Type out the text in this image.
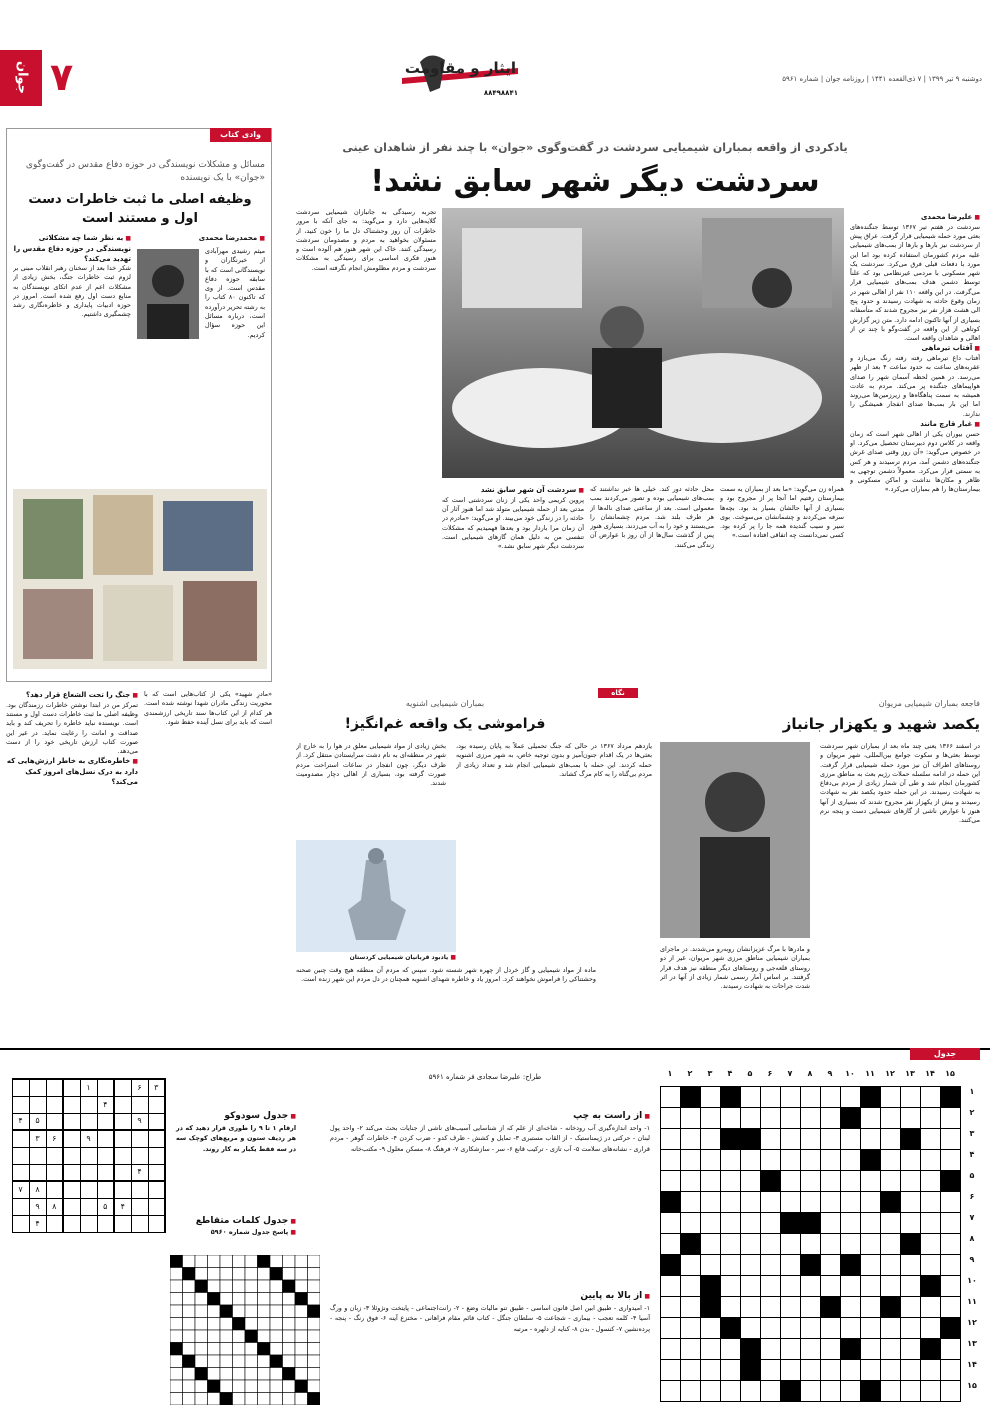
دوشنبه ۹ تیر ۱۳۹۹ | ۷ ذی‌القعده ۱۴۴۱ | روزنامه جوان | شماره ۵۹۶۱
ایثار و مقاومت
۸۸۴۹۸۸۴۱
۷
جوان
یادکردی از واقعه بمباران شیمیایی سردشت در گفت‌وگوی «جوان» با چند نفر از شاهدان عینی
سردشت دیگر شهر سابق نشد!
■ علیرضا محمدی
سردشت در هفتم تیر ۱۳۶۷ توسط جنگنده‌های بعثی مورد حمله شیمیایی قرار گرفت. عراق پیش از سردشت نیز بارها و بارها از بمب‌های شیمیایی علیه مردم کشورمان استفاده کرده بود اما این مورد با دفعات قبلی فرق می‌کرد. سردشت یک شهر مسکونی با مردمی غیرنظامی بود که علناً توسط دشمن هدف بمب‌های شیمیایی قرار می‌گرفت. در این واقعه ۱۱۰ نفر از اهالی شهر در زمان وقوع حادثه به شهادت رسیدند و حدود پنج الی هشت هزار نفر نیز مجروح شدند که متأسفانه بسیاری از آنها تاکنون ادامه دارد. متن زیر گزارش کوتاهی از این واقعه در گفت‌وگو با چند تن از اهالی و شاهدان واقعه است.
■ آفتاب تیرماهی
آفتاب داغ تیرماهی رفته رفته رنگ می‌بازد و عقربه‌های ساعت به حدود ساعت ۴ بعد از ظهر می‌رسد. در همین لحظه آسمان شهر را صدای هواپیماهای جنگنده پر می‌کند. مردم به عادت همیشه به سمت پناهگاه‌ها و زیرزمین‌ها می‌روند اما این بار بمب‌ها صدای انفجار همیشگی را ندارند.
■ غبار قارچ مانند
حسن بیوران یکی از اهالی شهر است که زمان واقعه در کلاس دوم دبیرستان تحصیل می‌کرد. او در خصوص می‌گوید: «آن روز وقتی صدای غرش جنگنده‌های دشمن آمد، مردم ترسیدند و هر کس به سمتی فرار می‌کرد. معمولاً دشمن توجهی به ظاهر و مکان‌ها نداشت و اماکن مسکونی و بیمارستان‌ها را هم بمباران می‌کرد.»
همراه زن می‌گوید: «ما بعد از بمباران به سمت بیمارستان رفتیم اما آنجا پر از مجروح بود و بسیاری از آنها حالشان بسیار بد بود. بچه‌ها سرفه می‌کردند و چشمانشان می‌سوخت. بوی سیر و سیب گندیده همه جا را پر کرده بود. کسی نمی‌دانست چه اتفاقی افتاده است.»
محل حادثه دور کند. خیلی ها خبر نداشتند که بمب‌های شیمیایی بوده و تصور می‌کردند بمب معمولی است. بعد از ساعتی صدای ناله‌ها از هر طرف بلند شد. مردم چشمانشان را می‌بستند و خود را به آب می‌زدند. بسیاری هنوز پس از گذشت سال‌ها از آن روز با عوارض آن زندگی می‌کنند.
■ سردشت آن شهر سابق نشد
پروین کریمی واحد یکی از زنان سردشتی است که مدتی بعد از حمله شیمیایی متولد شد اما هنوز آثار آن حادثه را در زندگی خود می‌بیند. او می‌گوید: «مادرم در آن زمان مرا باردار بود و بعدها فهمیدیم که مشکلات تنفسی من به دلیل همان گازهای شیمیایی است. سردشت دیگر شهر سابق نشد.»
تجربه رسیدگی به جانبازان شیمیایی سردشت گلایه‌هایی دارد و می‌گوید: به جای آنکه با مرور خاطرات آن روز وحشتناک دل ما را خون کنید، از مسئولان بخواهید به مردم و مصدومان سردشت رسیدگی کنند. خاک این شهر هنوز هم آلوده است و هنوز فکری اساسی برای رسیدگی به مشکلات سردشت و مردم مظلومش انجام نگرفته است.
وادی کتاب
مسائل و مشکلات نویسندگی در حوزه دفاع مقدس در گفت‌وگوی «جوان» با یک نویسنده
وظیفه اصلی ما ثبت خاطرات دست اول و مستند است
■ محمدرضا محمدی
میثم رشیدی مهرآبادی از خبرنگاران و نویسندگانی است که با سابقه حوزه دفاع مقدس است. از وی که تاکنون ۸۰ کتاب را به رشته تحریر درآورده است، درباره مسائل این حوزه سؤال کردیم.
■ به نظر شما چه مشکلاتی نویسندگی در حوزه دفاع مقدس را تهدید می‌کند؟
شکر خدا بعد از سخنان رهبر انقلاب مبنی بر لزوم ثبت خاطرات جنگ، بخش زیادی از مشکلات اعم از عدم اتکای نویسندگان به منابع دست اول رفع شده است. امروز در حوزه ادبیات پایداری و خاطره‌نگاری رشد چشمگیری داشتیم.
■ جنگ را تحت الشعاع قرار دهد؟
تمرکز من در ابتدا نوشتن خاطرات رزمندگان بود. وظیفه اصلی ما ثبت خاطرات دست اول و مستند است. نویسنده نباید خاطره را تحریف کند و باید صداقت و امانت را رعایت نماید. در غیر این صورت کتاب ارزش تاریخی خود را از دست می‌دهد.
■ خاطره‌نگاری به خاطر ارزش‌هایی که دارد به درک نسل‌های امروز کمک می‌کند؟
«مادرِ شهید» یکی از کتاب‌هایی است که با محوریت زندگی مادران شهدا نوشته شده است. هر کدام از این کتاب‌ها سند تاریخی ارزشمندی است که باید برای نسل آینده حفظ شود.
نگاه
فاجعه بمباران شیمیایی مریوان
یکصد شهید و یکهزار جانباز
در اسفند ۱۳۶۶ یعنی چند ماه بعد از بمباران شهر سردشت توسط بعثی‌ها و سکوت جوامع بین‌المللی، شهر مریوان و روستاهای اطراف آن نیز مورد حمله شیمیایی قرار گرفت. این حمله در ادامه سلسله حملات رژیم بعث به مناطق مرزی کشورمان انجام شد و طی آن شمار زیادی از مردم بی‌دفاع به شهادت رسیدند. در این حمله حدود یکصد نفر به شهادت رسیدند و بیش از یکهزار نفر مجروح شدند که بسیاری از آنها هنوز با عوارض ناشی از گازهای شیمیایی دست و پنجه نرم می‌کنند.
و مادرها با مرگ عزیزانشان روبه‌رو می‌شدند. در ماجرای بمباران شیمیایی مناطق مرزی شهر مریوان، غیر از دو روستای قلعه‌جی و روستاهای دیگر منطقه نیز هدف قرار گرفتند. بر اساس آمار رسمی شمار زیادی از آنها در اثر شدت جراحات به شهادت رسیدند.
بمباران شیمیایی اشنویه
فراموشی یک واقعه غم‌انگیز!
یازدهم مرداد ۱۳۶۷ در حالی که جنگ تحمیلی عملاً به پایان رسیده بود، بعثی‌ها در یک اقدام جنون‌آمیز و بدون توجیه خاص، به شهر مرزی اشنویه حمله کردند. این حمله با بمب‌های شیمیایی انجام شد و تعداد زیادی از مردم بی‌گناه را به کام مرگ کشاند.
بخش زیادی از مواد شیمیایی معلق در هوا را به خارج از شهر در منطقه‌ای به نام دشت سرایستادن منتقل کرد. از طرف دیگر، چون انفجار در ساعات استراحت مردم صورت گرفته بود، بسیاری از اهالی دچار مصدومیت شدند.
■ یادبود قربانیان شیمیایی کردستان
ماده از مواد شیمیایی و گاز خردل از چهره شهر شسته شود. سپس که مردم آن منطقه هیچ وقت چنین صحنه وحشتناکی را فراموش نخواهند کرد. امروز یاد و خاطره شهدای اشنویه همچنان در دل مردم این شهر زنده است.
جدول
طراح: علیرضا سجادی فر شماره ۵۹۶۱	۱۵
۱۴
۱۳
۱۲
۱۱
۱۰
۹
۸
۷
۶
۵
۴
۳
۲
۱
۱
۲
۳
۴
۵
۶
۷
۸
۹
۱۰
۱۱
۱۲
۱۳
۱۴
۱۵

■ از راست به چپ
۱- واحد اندازه‌گیری آب رودخانه - شاخه‌ای از علم که از شناسایی آسیب‌های ناشی از جنایات بحث می‌کند ۲- واحد پول لبنان - حرکتی در ژیمناستیک - از القاب مستبری ۳- تمایل و کشش - ظرف کدو - ضرب کردن ۴- خاطرات گوهر - مردم قراری - نشانه‌های سلامت ۵- آب تازی - ترکیب قانع ۶- سر - سازشکاری ۷- فرهنگ ۸- مسکن معلول ۹- مکتب‌خانه
■ از بالا به پایین
۱- امیدواری - طبیق ابین اصل قانون اساسی - طبیق تنو مالیات وضع - ۲- رانت‌اجتماعی - پایتخت ونژوئلا ۳- زبان و ورگ آسیا ۴- کلمه تعجب - بیماری - شجاعت ۵- سلطان جنگل - کتاب قائم مقام فراهانی - مختزع آینه ۶- فوق رنگ - پنجه - پرده‌نشین ۷- کنسول - بدن ۸- کنایه از دلهره - مرتبه
۳	۶			۱				
			۴					
	۹						۵	۴
				۹		۶	۳	

	۴							
							۸	۷
		۴	۵			۸	۹	
							۴	
■ جدول سودوکو
ارقام ۱ تا ۹ را طوری قرار دهید که در هر ردیف ستون و مربع‌های کوچک سه در سه فقط یکبار به کار روند.
■ جدول کلمات متقاطع
■ پاسخ جدول شماره ۵۹۶۰
